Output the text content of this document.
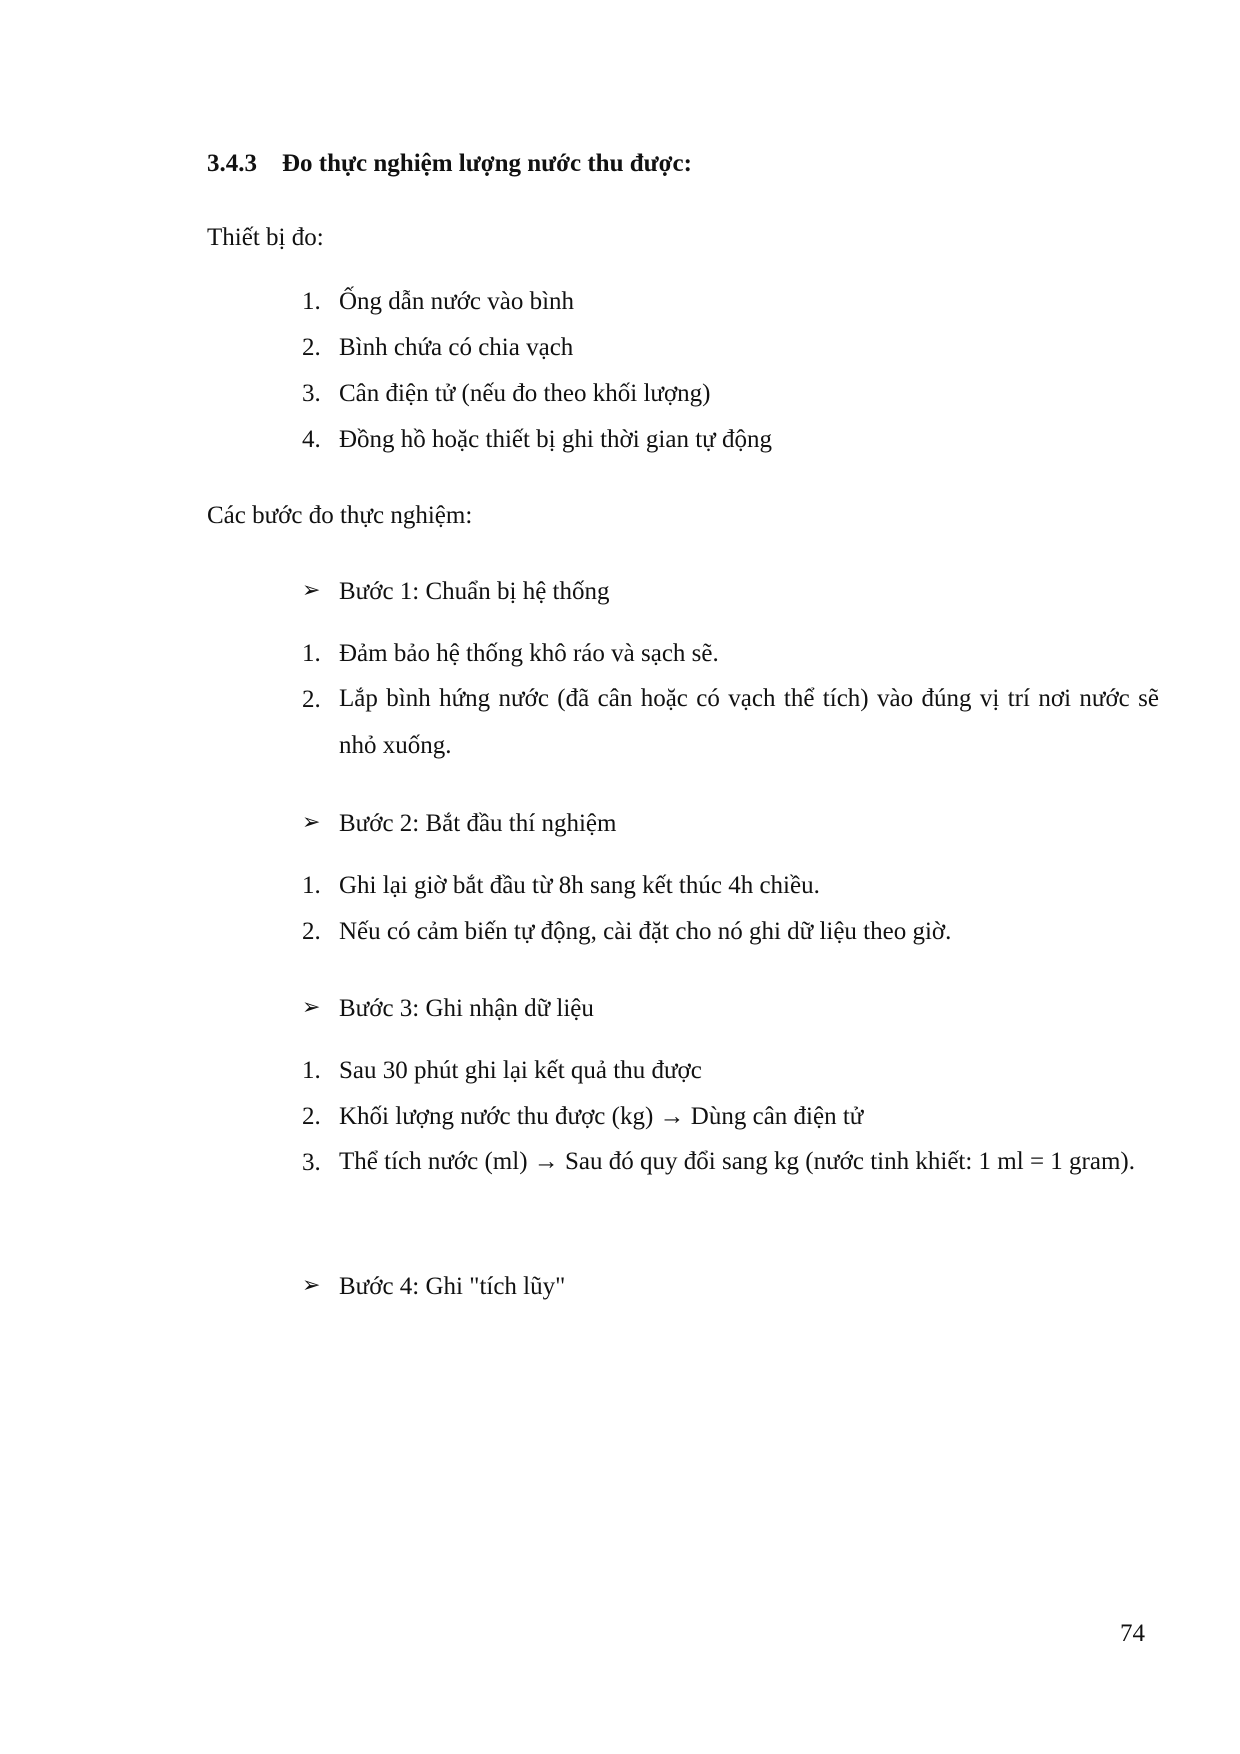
3.4.3 Đo thực nghiệm lượng nước thu được:
Thiết bị đo:
1. Ống dẫn nước vào bình
2. Bình chứa có chia vạch
3. Cân điện tử (nếu đo theo khối lượng)
4. Đồng hồ hoặc thiết bị ghi thời gian tự động
Các bước đo thực nghiệm:
➢ Bước 1: Chuẩn bị hệ thống
1. Đảm bảo hệ thống khô ráo và sạch sẽ.
2. Lắp bình hứng nước (đã cân hoặc có vạch thể tích) vào đúng vị trí nơi nước sẽ nhỏ xuống.
➢ Bước 2: Bắt đầu thí nghiệm
1. Ghi lại giờ bắt đầu từ 8h sang kết thúc 4h chiều.
2. Nếu có cảm biến tự động, cài đặt cho nó ghi dữ liệu theo giờ.
➢ Bước 3: Ghi nhận dữ liệu
1. Sau 30 phút ghi lại kết quả thu được
2. Khối lượng nước thu được (kg) → Dùng cân điện tử
3. Thể tích nước (ml) → Sau đó quy đổi sang kg (nước tinh khiết: 1 ml = 1 gram).
➢ Bước 4: Ghi "tích lũy"
74
